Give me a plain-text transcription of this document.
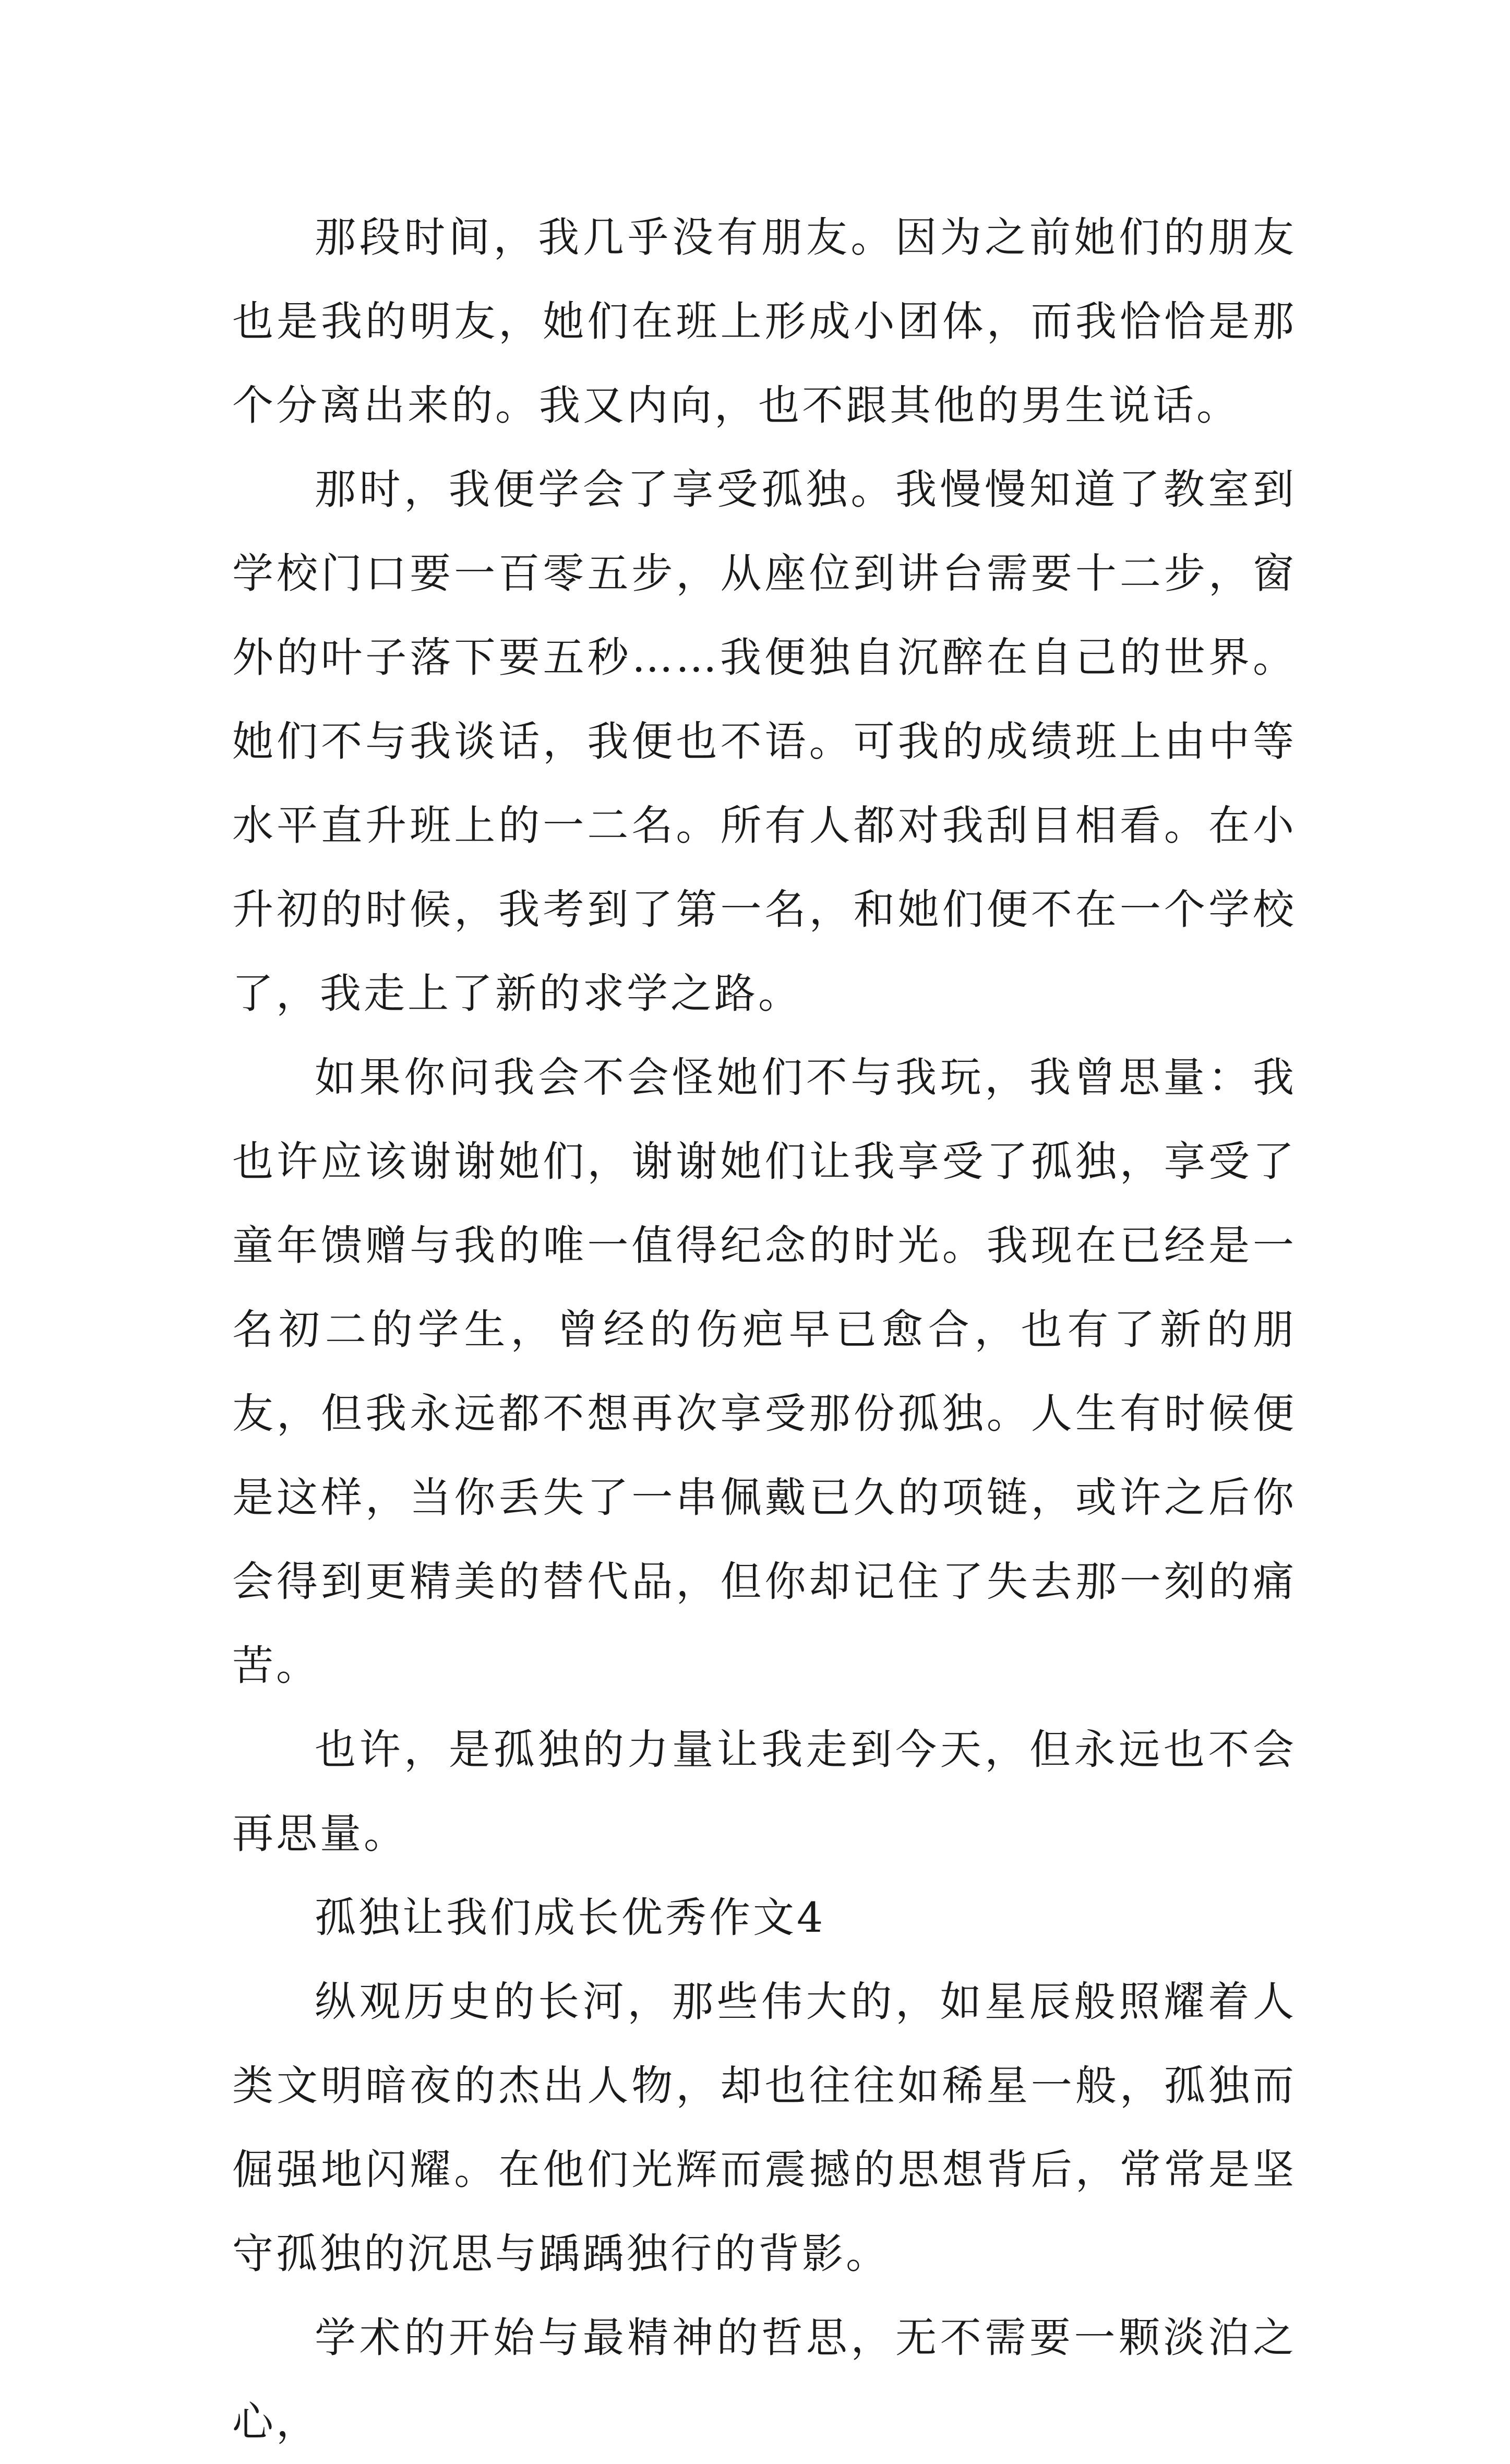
那段时间，我几乎没有朋友。因为之前她们的朋友也是我的明友，她们在班上形成小团体，而我恰恰是那个分离出来的。我又内向，也不跟其他的男生说话。

那时，我便学会了享受孤独。我慢慢知道了教室到学校门口要一百零五步，从座位到讲台需要十二步，窗外的叶子落下要五秒……我便独自沉醉在自己的世界。她们不与我谈话，我便也不语。可我的成绩班上由中等水平直升班上的一二名。所有人都对我刮目相看。在小升初的时候，我考到了第一名，和她们便不在一个学校了，我走上了新的求学之路。

如果你问我会不会怪她们不与我玩，我曾思量：我也许应该谢谢她们，谢谢她们让我享受了孤独，享受了童年馈赠与我的唯一值得纪念的时光。我现在已经是一名初二的学生，曾经的伤疤早已愈合，也有了新的朋友，但我永远都不想再次享受那份孤独。人生有时候便是这样，当你丢失了一串佩戴已久的项链，或许之后你会得到更精美的替代品，但你却记住了失去那一刻的痛苦。

也许，是孤独的力量让我走到今天，但永远也不会再思量。

孤独让我们成长优秀作文4

纵观历史的长河，那些伟大的，如星辰般照耀着人类文明暗夜的杰出人物，却也往往如稀星一般，孤独而倔强地闪耀。在他们光辉而震撼的思想背后，常常是坚守孤独的沉思与踽踽独行的背影。

学术的开始与最精神的哲思，无不需要一颗淡泊之心，
